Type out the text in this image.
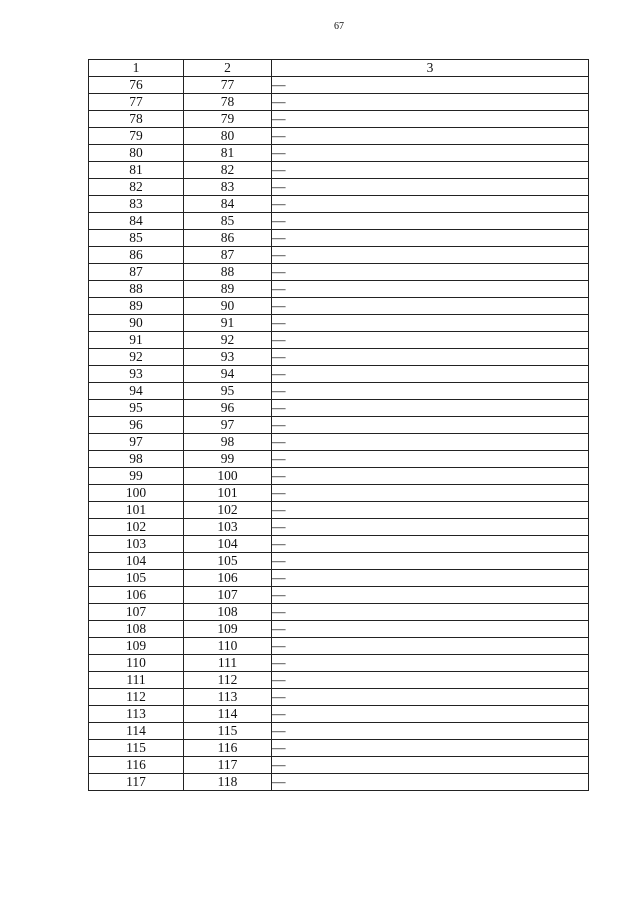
67
1	2	3
76	77	—
77	78	—
78	79	—
79	80	—
80	81	—
81	82	—
82	83	—
83	84	—
84	85	—
85	86	—
86	87	—
87	88	—
88	89	—
89	90	—
90	91	—
91	92	—
92	93	—
93	94	—
94	95	—
95	96	—
96	97	—
97	98	—
98	99	—
99	100	—
100	101	—
101	102	—
102	103	—
103	104	—
104	105	—
105	106	—
106	107	—
107	108	—
108	109	—
109	110	—
110	111	—
111	112	—
112	113	—
113	114	—
114	115	—
115	116	—
116	117	—
117	118	—
